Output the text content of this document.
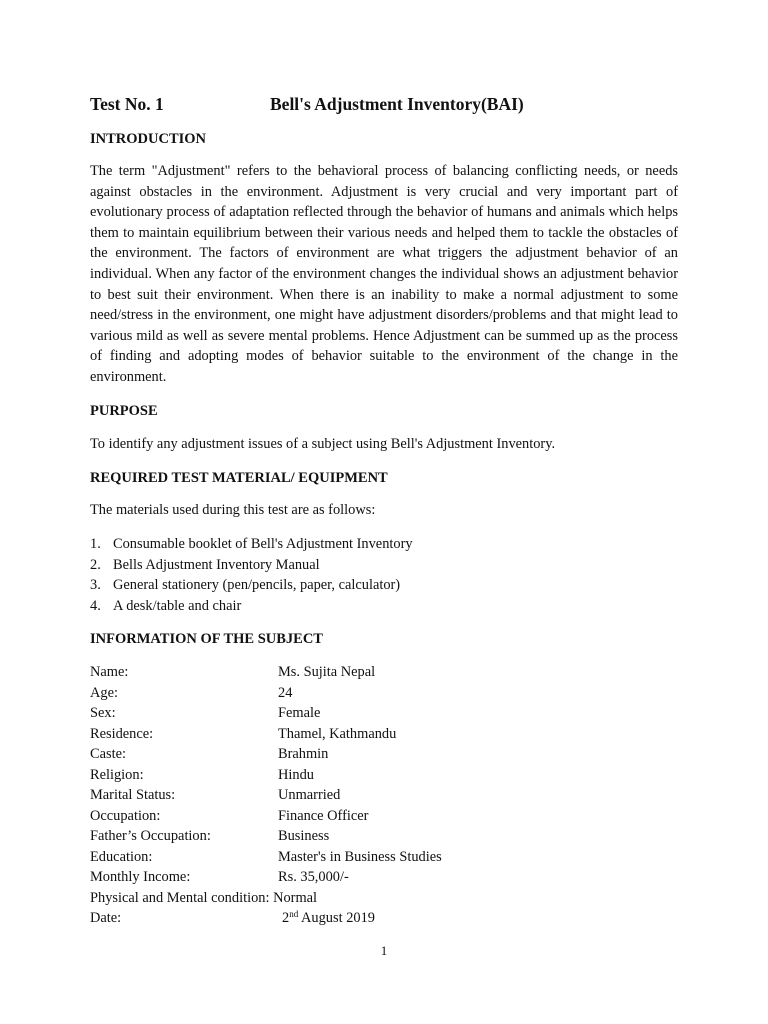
Test No. 1	Bell's Adjustment Inventory(BAI)
INTRODUCTION
The term "Adjustment" refers to the behavioral process of balancing conflicting needs, or needs against obstacles in the environment. Adjustment is very crucial and very important part of evolutionary process of adaptation reflected through the behavior of humans and animals which helps them to maintain equilibrium between their various needs and helped them to tackle the obstacles of the environment. The factors of environment are what triggers the adjustment behavior of an individual. When any factor of the environment changes the individual shows an adjustment behavior to best suit their environment. When there is an inability to make a normal adjustment to some need/stress in the environment, one might have adjustment disorders/problems and that might lead to various mild as well as severe mental problems. Hence Adjustment can be summed up as the process of finding and adopting modes of behavior suitable to the environment of the change in the environment.
PURPOSE
To identify any adjustment issues of a subject using Bell's Adjustment Inventory.
REQUIRED TEST MATERIAL/ EQUIPMENT
The materials used during this test are as follows:
1. Consumable booklet of Bell's Adjustment Inventory
2. Bells Adjustment Inventory Manual
3. General stationery (pen/pencils, paper, calculator)
4. A desk/table and chair
INFORMATION OF THE SUBJECT
Name:	Ms. Sujita Nepal
Age:	24
Sex:	Female
Residence:	Thamel, Kathmandu
Caste:	Brahmin
Religion:	Hindu
Marital Status:	Unmarried
Occupation:	Finance Officer
Father’s Occupation:	Business
Education:	Master's in Business Studies
Monthly Income:	Rs. 35,000/-
Physical and Mental condition: Normal
Date:	2nd August 2019
1
